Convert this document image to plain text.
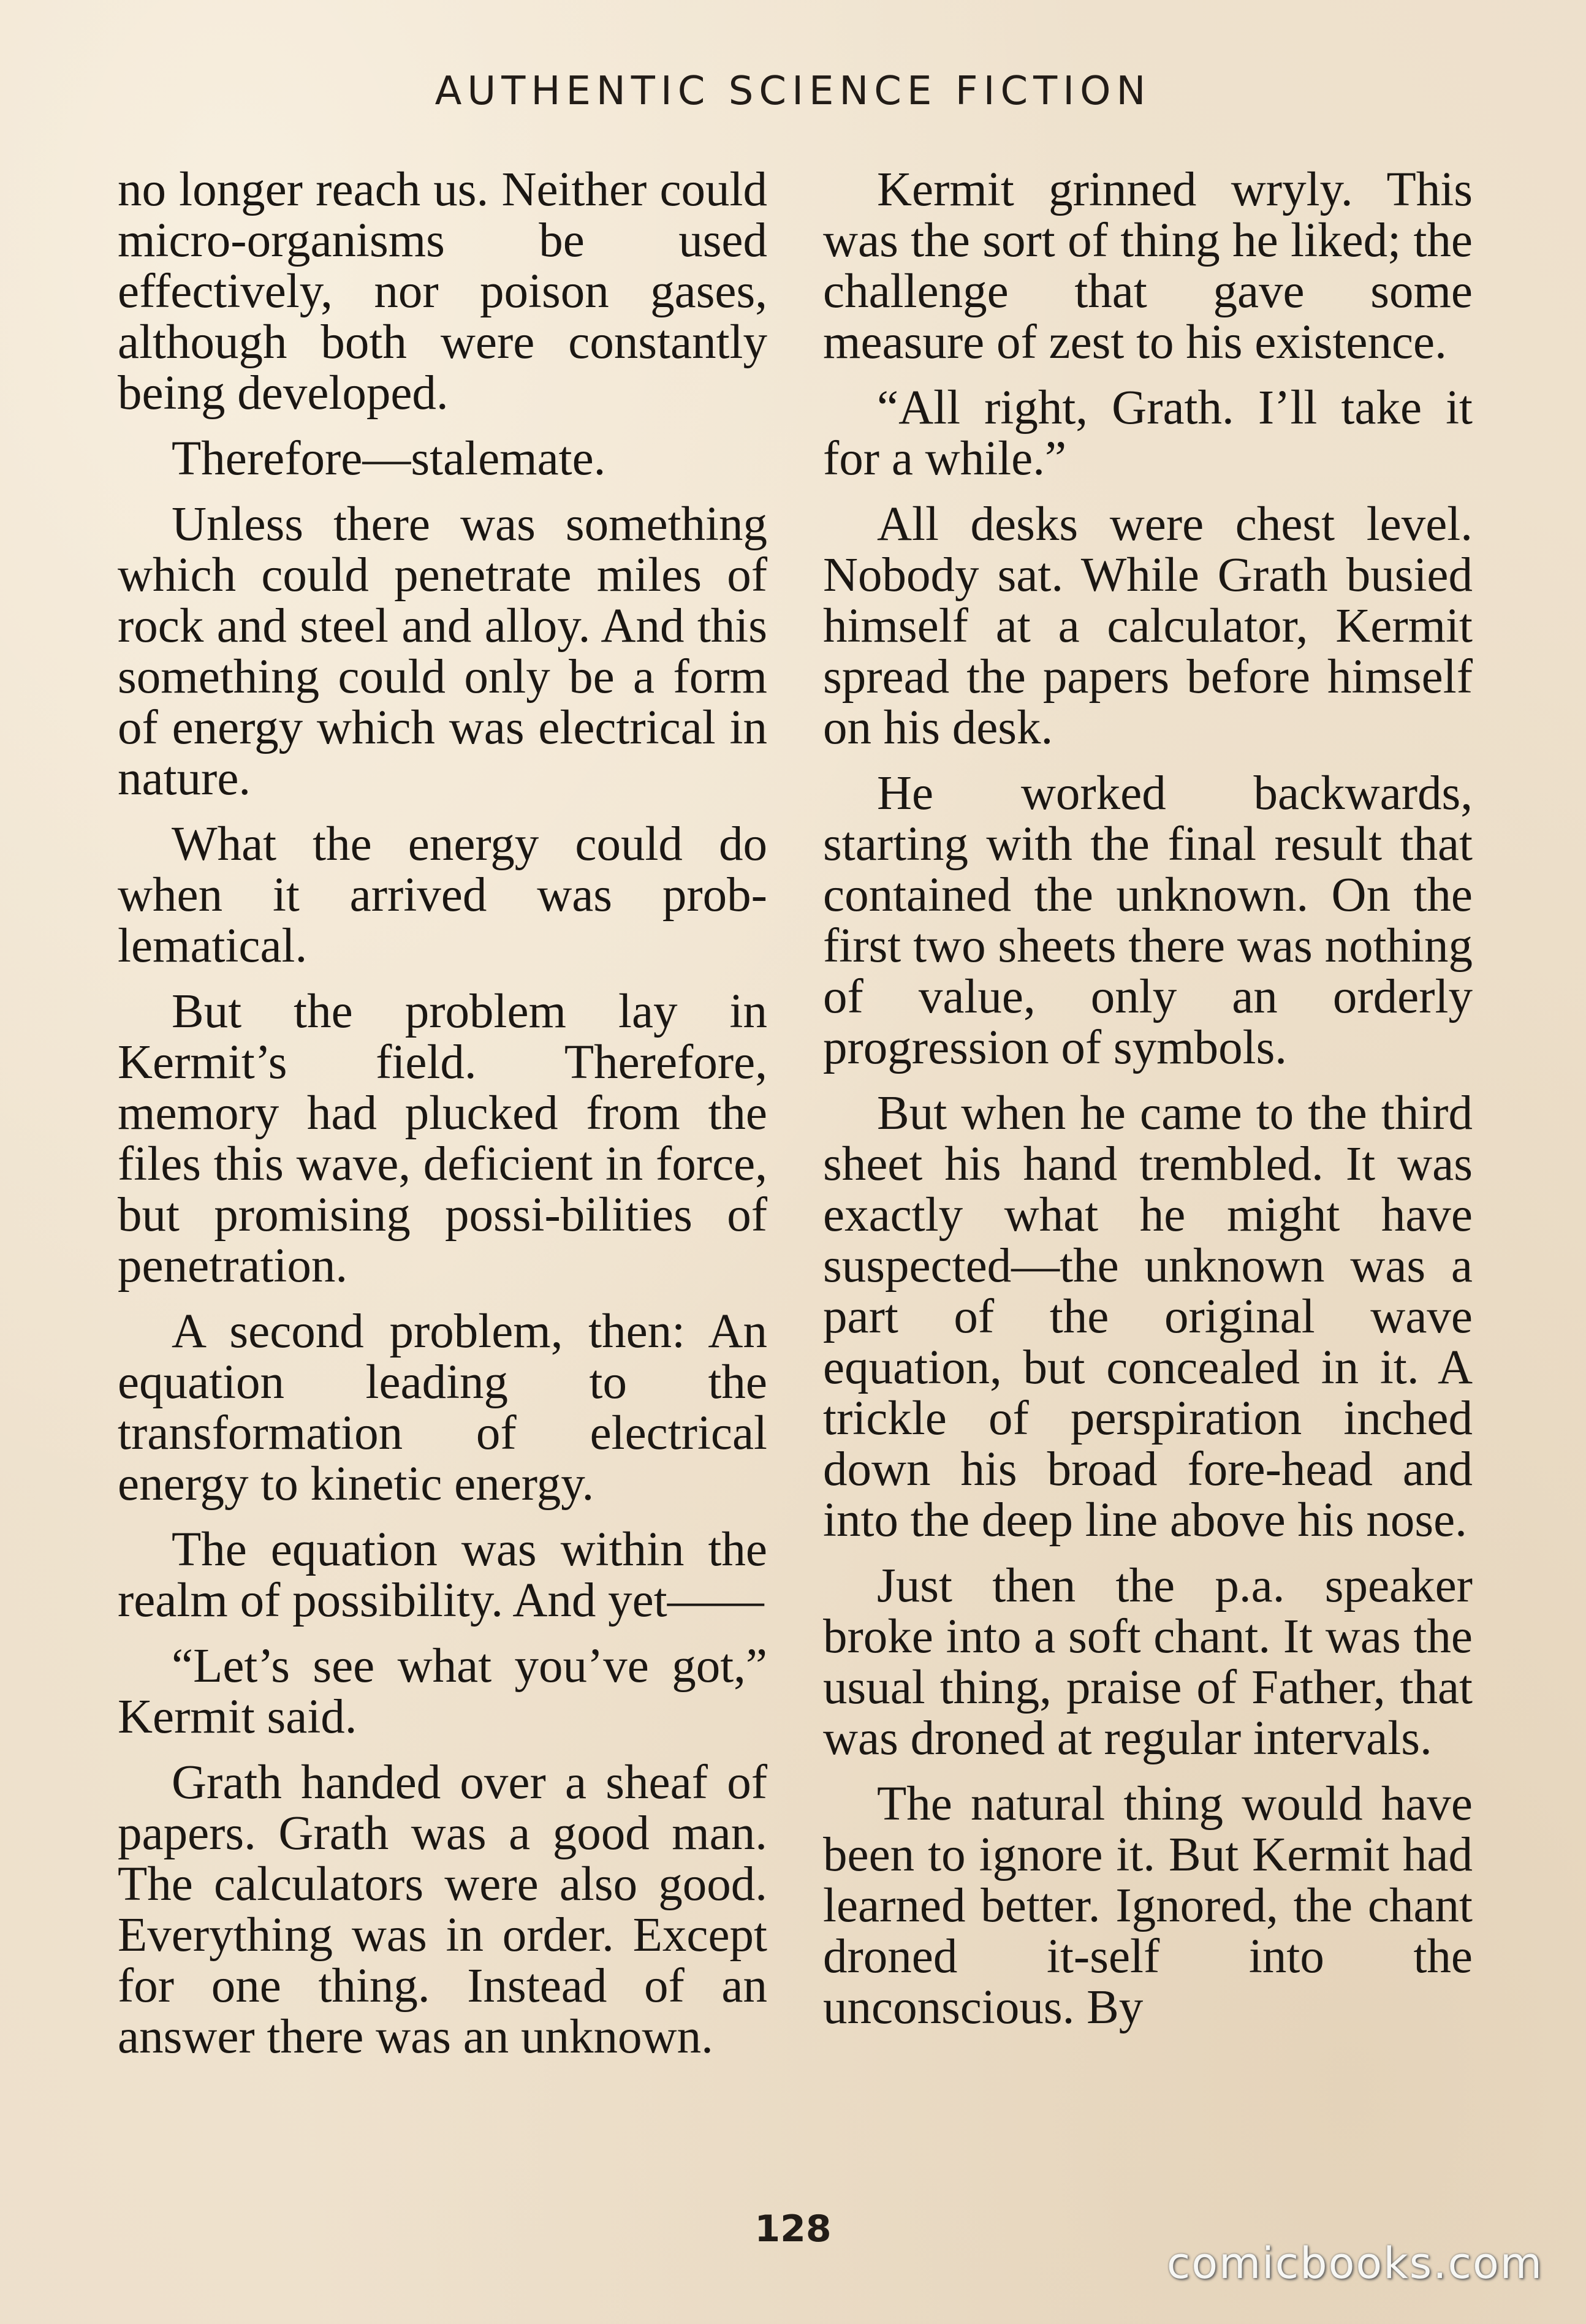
AUTHENTIC SCIENCE FICTION

no longer reach us. Neither could micro-organisms be used effectively, nor poison gases, although both were constantly being developed.

Therefore—stalemate.

Unless there was something which could penetrate miles of rock and steel and alloy. And this something could only be a form of energy which was electrical in nature.

What the energy could do when it arrived was prob-lematical.

But the problem lay in Kermit’s field. Therefore, memory had plucked from the files this wave, deficient in force, but promising possi-bilities of penetration.

A second problem, then: An equation leading to the transformation of electrical energy to kinetic energy.

The equation was within the realm of possibility. And yet——

“Let’s see what you’ve got,” Kermit said.

Grath handed over a sheaf of papers. Grath was a good man. The calculators were also good. Everything was in order. Except for one thing. Instead of an answer there was an unknown.

Kermit grinned wryly. This was the sort of thing he liked; the challenge that gave some measure of zest to his existence.

“All right, Grath. I’ll take it for a while.”

All desks were chest level. Nobody sat. While Grath busied himself at a calculator, Kermit spread the papers before himself on his desk.

He worked backwards, starting with the final result that contained the unknown. On the first two sheets there was nothing of value, only an orderly progression of symbols.

But when he came to the third sheet his hand trembled. It was exactly what he might have suspected—the unknown was a part of the original wave equation, but concealed in it. A trickle of perspiration inched down his broad fore-head and into the deep line above his nose.

Just then the p.a. speaker broke into a soft chant. It was the usual thing, praise of Father, that was droned at regular intervals.

The natural thing would have been to ignore it. But Kermit had learned better. Ignored, the chant droned it-self into the unconscious. By

128
comicbooks.com
